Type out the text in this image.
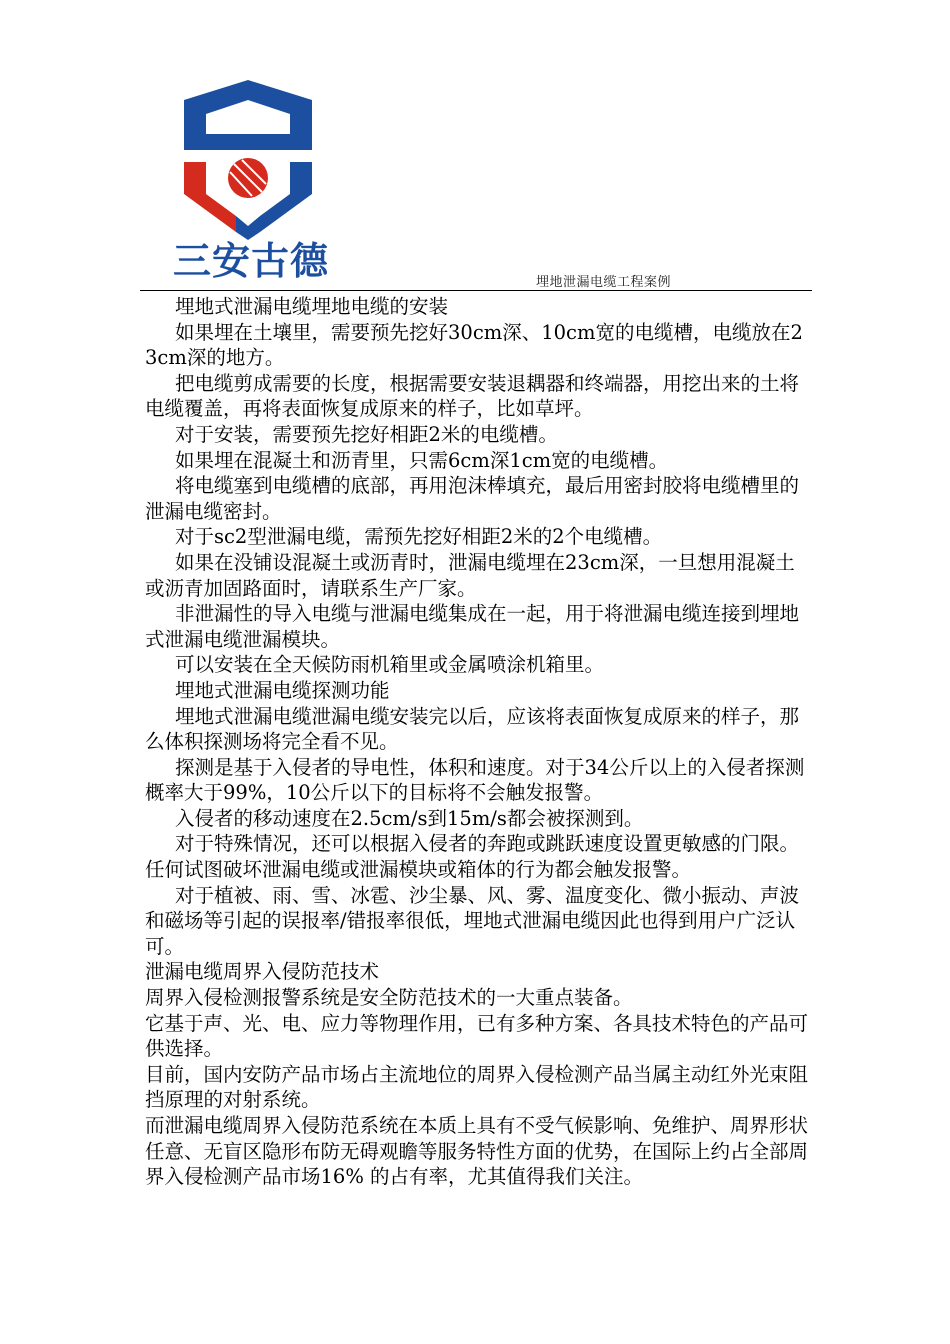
三安古德	埋地泄漏电缆工程案例

埋地式泄漏电缆埋地电缆的安装

如果埋在土壤里，需要预先挖好30cm深、10cm宽的电缆槽，电缆放在23cm深的地方。

把电缆剪成需要的长度，根据需要安装退耦器和终端器，用挖出来的土将电缆覆盖，再将表面恢复成原来的样子，比如草坪。

对于安装，需要预先挖好相距2米的电缆槽。

如果埋在混凝土和沥青里，只需6cm深1cm宽的电缆槽。

将电缆塞到电缆槽的底部，再用泡沫棒填充，最后用密封胶将电缆槽里的泄漏电缆密封。

对于sc2型泄漏电缆，需预先挖好相距2米的2个电缆槽。

如果在没铺设混凝土或沥青时，泄漏电缆埋在23cm深，一旦想用混凝土或沥青加固路面时，请联系生产厂家。

非泄漏性的导入电缆与泄漏电缆集成在一起，用于将泄漏电缆连接到埋地式泄漏电缆泄漏模块。

可以安装在全天候防雨机箱里或金属喷涂机箱里。

埋地式泄漏电缆探测功能

埋地式泄漏电缆泄漏电缆安装完以后，应该将表面恢复成原来的样子，那么体积探测场将完全看不见。

探测是基于入侵者的导电性，体积和速度。对于34公斤以上的入侵者探测概率大于99%，10公斤以下的目标将不会触发报警。

入侵者的移动速度在2.5cm/s到15m/s都会被探测到。

对于特殊情况，还可以根据入侵者的奔跑或跳跃速度设置更敏感的门限。任何试图破坏泄漏电缆或泄漏模块或箱体的行为都会触发报警。

对于植被、雨、雪、冰雹、沙尘暴、风、雾、温度变化、微小振动、声波和磁场等引起的误报率/错报率很低，埋地式泄漏电缆因此也得到用户广泛认可。

泄漏电缆周界入侵防范技术

周界入侵检测报警系统是安全防范技术的一大重点装备。

它基于声、光、电、应力等物理作用，已有多种方案、各具技术特色的产品可供选择。

目前，国内安防产品市场占主流地位的周界入侵检测产品当属主动红外光束阻挡原理的对射系统。

而泄漏电缆周界入侵防范系统在本质上具有不受气候影响、免维护、周界形状任意、无盲区隐形布防无碍观瞻等服务特性方面的优势，在国际上约占全部周界入侵检测产品市场16% 的占有率，尤其值得我们关注。
